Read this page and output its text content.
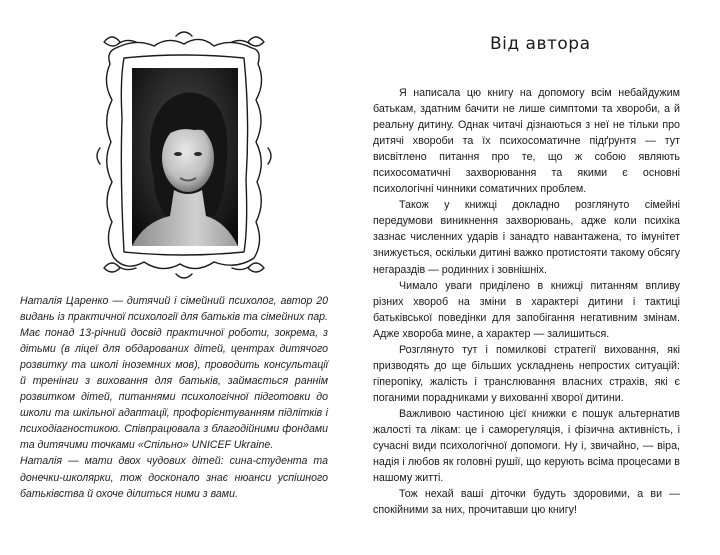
Наталія Царенко — дитячий і сімейний психолог, автор 20 видань із практичної психології для батьків та сімейних пар. Має понад 13-річний досвід практичної роботи, зокрема, з дітьми (в ліцеї для обдарованих дітей, центрах дитячого розвитку та школі іноземних мов), проводить консультації й тренінги з виховання для батьків, займається раннім розвитком дітей, питаннями психологічної підготовки до школи та шкільної адаптації, профорієнтуванням підлітків і психодіагностикою. Співпрацювала з благодійними фондами та дитячими точками «Спільно» UNICEF Ukraine.

Наталія — мати двох чудових дітей: сина-студента та донечки-школярки, тож досконало знає нюанси успішного батьківства й охоче ділиться ними з вами.

Від автора

Я написала цю книгу на допомогу всім небайдужим батькам, здатним бачити не лише симптоми та хвороби, а й реальну дитину. Однак читачі дізнаються з неї не тільки про дитячі хвороби та їх психосоматичне підґрунтя — тут висвітлено питання про те, що ж собою являють психосоматичні захворювання та якими є основні психологічні чинники соматичних проблем.

Також у книжці докладно розглянуто сімейні передумови виникнення захворювань, адже коли психіка зазнає численних ударів і занадто навантажена, то імунітет знижується, оскільки дитині важко протистояти такому обсягу негараздів — родинних і зовнішніх.

Чимало уваги приділено в книжці питанням впливу різних хвороб на зміни в характері дитини і тактиці батьківської поведінки для запобігання негативним змінам. Адже хвороба мине, а характер — залишиться.

Розглянуто тут і помилкові стратегії виховання, які призводять до ще більших ускладнень непростих ситуацій: гіперопіку, жалість і транслювання власних страхів, які є поганими порадниками у вихованні хворої дитини.

Важливою частиною цієї книжки є пошук альтернатив жалості та лікам: це і саморегуляція, і фізична активність, і сучасні види психологічної допомоги. Ну і, звичайно, — віра, надія і любов як головні рушії, що керують всіма процесами в нашому житті.

Тож нехай ваші діточки будуть здоровими, а ви — спокійними за них, прочитавши цю книгу!
